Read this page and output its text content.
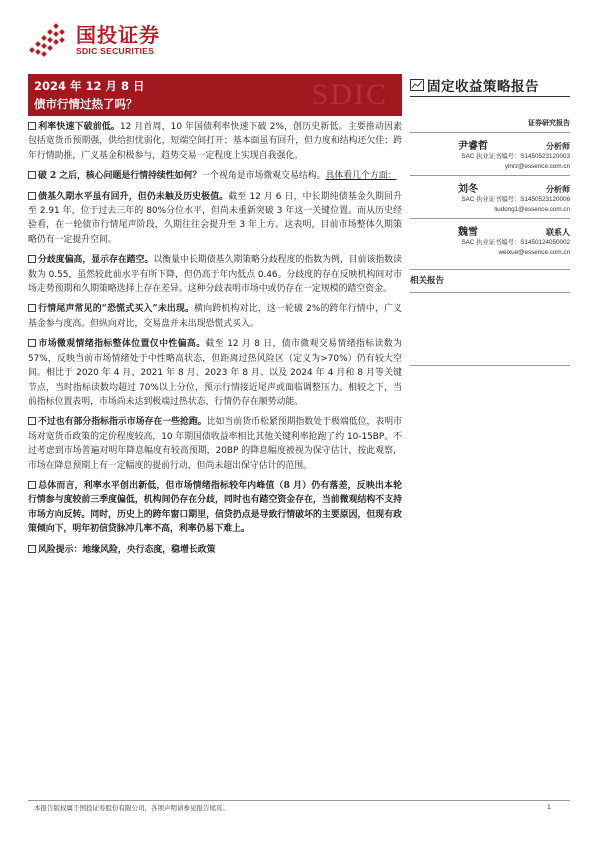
国投证券
SDIC SECURITIES
SDIC
2024 年 12 月 8 日
债市行情过热了吗？
固定收益策略报告

利率快速下破前低。12 月首周，10 年国债利率快速下破 2%，创历史新低。主要推动因素包括宽货币预期强，供给担忧弱化，短端空间打开；基本面虽有回升，但力度和结构还欠佳；跨年行情助推，广义基金积极参与，趋势交易一定程度上实现自我强化。

破 2 之后，核心问题是行情持续性如何？一个视角是市场微观交易结构。具体看几个方面：

债基久期水平虽有回升，但仍未触及历史极值。截至 12 月 6 日，中长期纯债基金久期回升至 2.91 年，位于过去三年的 80%分位水平，但尚未重新突破 3 年这一关键位置。而从历史经验看，在一轮债市行情尾声阶段，久期往往会提升至 3 年上方。这表明，目前市场整体久期策略仍有一定提升空间。

分歧度偏高，显示存在踏空。以衡量中长期债基久期策略分歧程度的指数为例，目前该指数读数为 0.55，虽然较此前水平有所下降，但仍高于年内低点 0.46。分歧度的存在反映机构间对市场走势预期和久期策略选择上存在差异。这种分歧表明市场中或仍存在一定规模的踏空资金。

行情尾声常见的“恐慌式买入”未出现。横向跨机构对比，这一轮破 2%的跨年行情中，广义基金参与度高。但纵向对比，交易盘并未出现恐慌式买入。

市场微观情绪指标整体位置仅中性偏高。截至 12 月 8 日，债市微观交易情绪指标读数为 57%，反映当前市场情绪处于中性略高状态，但距离过热风险区（定义为>70%）仍有较大空间。相比于 2020 年 4 月、2021 年 8 月、2023 年 8 月、以及 2024 年 4 月和 8 月等关键节点，当时指标读数均超过 70%以上分位，预示行情接近尾声或面临调整压力。相较之下，当前指标位置表明，市场尚未达到极端过热状态，行情仍存在顺势动能。

不过也有部分指标指示市场存在一些抢跑。比如当前货币松紧预期指数处于极端低位，表明市场对宽货币政策的定价程度较高，10 年期国债收益率相比其他关键利率抢跑了约 10-15BP。不过考虑到市场普遍对明年降息幅度有较高预期，20BP 的降息幅度被视为保守估计，按此观察，市场在降息预期上有一定幅度的提前行动，但尚未超出保守估计的范围。

总体而言，利率水平创出新低，但市场情绪指标较年内峰值（8 月）仍有落差，反映出本轮行情参与度较前三季度偏低，机构间仍存在分歧，同时也有踏空资金存在，当前微观结构不支持市场方向反转。同时，历史上的跨年窗口期里，信贷扔点是导致行情破坏的主要原因，但现有政策倾向下，明年初信贷脉冲几率不高，利率仍易下难上。

风险提示：地缘风险，央行态度，稳增长政策

证券研究报告
尹睿哲	分析师
SAC 执业证书编号：S1450523120003
yinrz@essence.com.cn
刘冬	分析师
SAC 执业证书编号：S1450523120006
liudong1@essence.com.cn
魏雪	联系人
SAC 执业证书编号：S1450124050002
weixue@essence.com.cn
相关报告
本报告版权属于国投证券股份有限公司，各项声明请参见报告尾页。	1
